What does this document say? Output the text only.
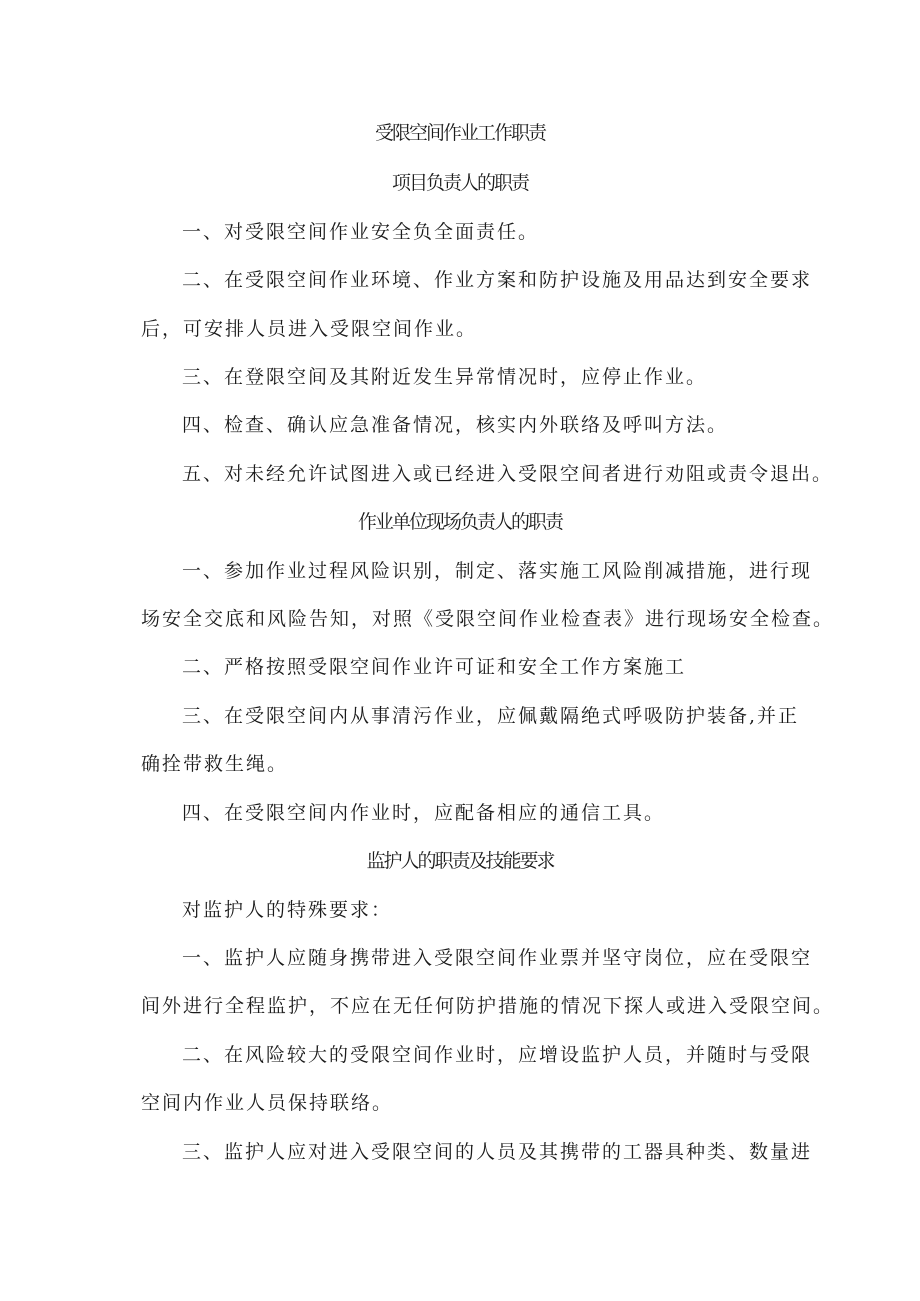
受限空间作业工作职责
项目负责人的职责
一、对受限空间作业安全负全面责任。
二、在受限空间作业环境、作业方案和防护设施及用品达到安全要求
后，可安排人员进入受限空间作业。
三、在登限空间及其附近发生异常情况时，应停止作业。
四、检查、确认应急准备情况，核实内外联络及呼叫方法。
五、对未经允许试图进入或已经进入受限空间者进行劝阻或责令退出。
作业单位现场负责人的职责
一、参加作业过程风险识别，制定、落实施工风险削减措施，进行现
场安全交底和风险告知，对照《受限空间作业检查表》进行现场安全检查。
二、严格按照受限空间作业许可证和安全工作方案施工
三、在受限空间内从事清污作业，应佩戴隔绝式呼吸防护装备,并正
确拴带救生绳。
四、在受限空间内作业时，应配备相应的通信工具。
监护人的职责及技能要求
对监护人的特殊要求：
一、监护人应随身携带进入受限空间作业票并坚守岗位，应在受限空
间外进行全程监护，不应在无任何防护措施的情况下探人或进入受限空间。
二、在风险较大的受限空间作业时，应增设监护人员，并随时与受限
空间内作业人员保持联络。
三、监护人应对进入受限空间的人员及其携带的工器具种类、数量进
